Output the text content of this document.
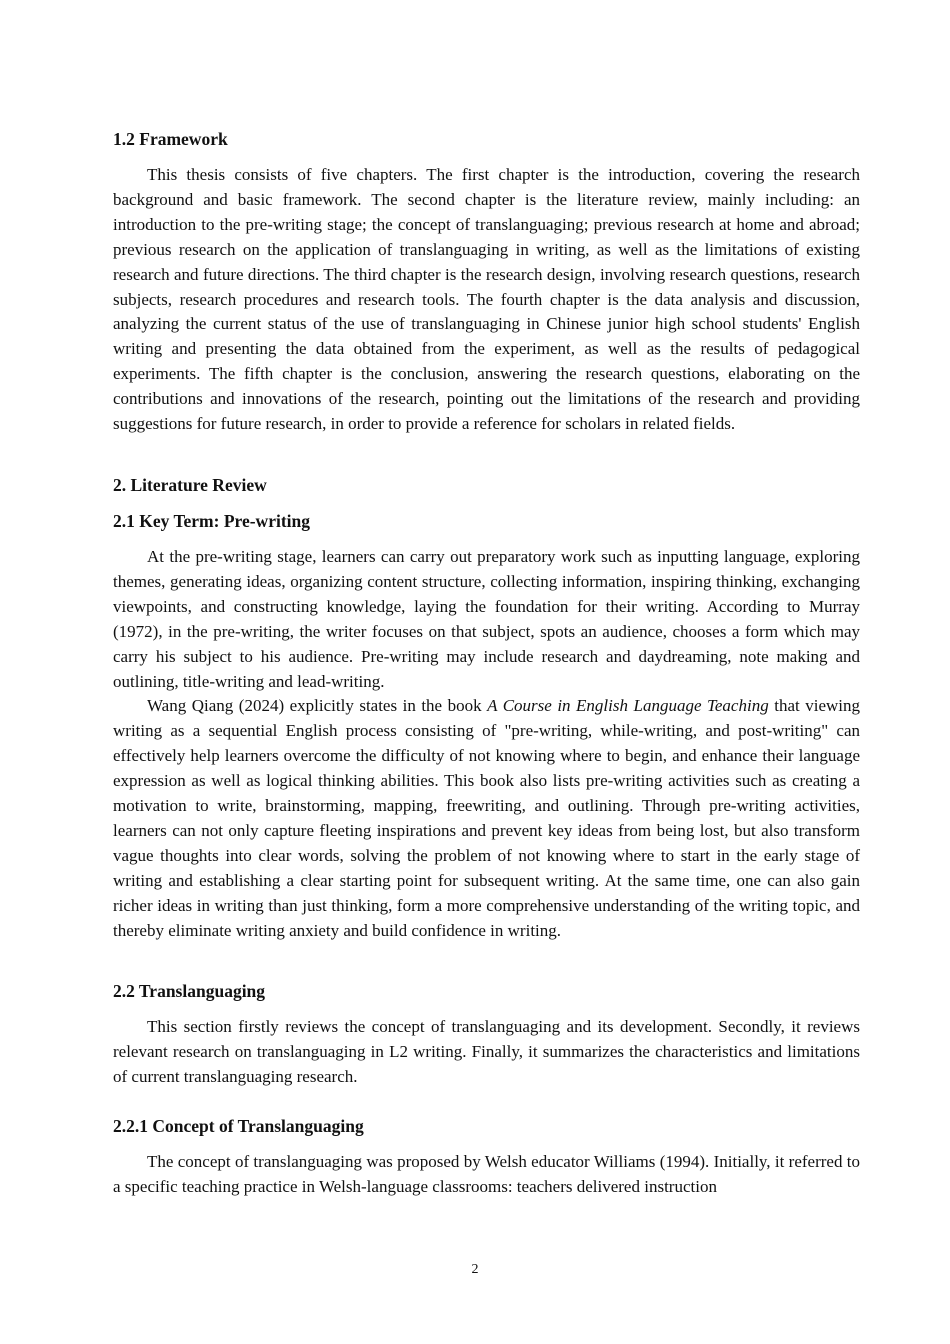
1.2 Framework

This thesis consists of five chapters. The first chapter is the introduction, covering the research background and basic framework. The second chapter is the literature review, mainly including: an introduction to the pre-writing stage; the concept of translanguaging; previous research at home and abroad; previous research on the application of translanguaging in writing, as well as the limitations of existing research and future directions. The third chapter is the research design, involving research questions, research subjects, research procedures and research tools. The fourth chapter is the data analysis and discussion, analyzing the current status of the use of translanguaging in Chinese junior high school students' English writing and presenting the data obtained from the experiment, as well as the results of pedagogical experiments. The fifth chapter is the conclusion, answering the research questions, elaborating on the contributions and innovations of the research, pointing out the limitations of the research and providing suggestions for future research, in order to provide a reference for scholars in related fields.

2. Literature Review
2.1 Key Term: Pre-writing

At the pre-writing stage, learners can carry out preparatory work such as inputting language, exploring themes, generating ideas, organizing content structure, collecting information, inspiring thinking, exchanging viewpoints, and constructing knowledge, laying the foundation for their writing. According to Murray (1972), in the pre-writing, the writer focuses on that subject, spots an audience, chooses a form which may carry his subject to his audience. Pre-writing may include research and daydreaming, note making and outlining, title-writing and lead-writing.

Wang Qiang (2024) explicitly states in the book A Course in English Language Teaching that viewing writing as a sequential English process consisting of "pre-writing, while-writing, and post-writing" can effectively help learners overcome the difficulty of not knowing where to begin, and enhance their language expression as well as logical thinking abilities. This book also lists pre-writing activities such as creating a motivation to write, brainstorming, mapping, freewriting, and outlining. Through pre-writing activities, learners can not only capture fleeting inspirations and prevent key ideas from being lost, but also transform vague thoughts into clear words, solving the problem of not knowing where to start in the early stage of writing and establishing a clear starting point for subsequent writing. At the same time, one can also gain richer ideas in writing than just thinking, form a more comprehensive understanding of the writing topic, and thereby eliminate writing anxiety and build confidence in writing.

2.2 Translanguaging

This section firstly reviews the concept of translanguaging and its development. Secondly, it reviews relevant research on translanguaging in L2 writing. Finally, it summarizes the characteristics and limitations of current translanguaging research.

2.2.1 Concept of Translanguaging

The concept of translanguaging was proposed by Welsh educator Williams (1994). Initially, it referred to a specific teaching practice in Welsh-language classrooms: teachers delivered instruction

2
